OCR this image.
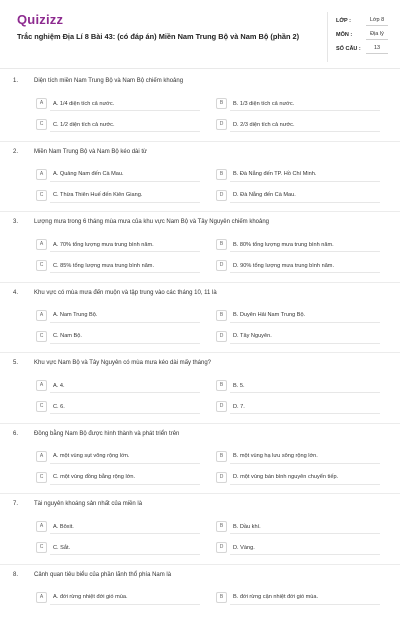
Quizizz
Trắc nghiệm Địa Lí 8 Bài 43: (có đáp án) Miền Nam Trung Bộ và Nam Bộ (phần 2)
LỚP :	Lớp 8
MÔN :	Địa lý
SỐ CÂU :	13
1.	Diện tích miền Nam Trung Bộ và Nam Bộ chiếm khoảng
A A. 1/4 diện tích cả nước.	B B. 1/3 diện tích cả nước.
C C. 1/2 diện tích cả nước.	D D. 2/3 diện tích cả nước.
2.	Miền Nam Trung Bộ và Nam Bộ kéo dài từ
A A. Quảng Nam đến Cà Mau.	B B. Đà Nẵng đến TP. Hồ Chí Minh.
C C. Thừa Thiên Huế đến Kiên Giang.	D D. Đà Nẵng đến Cà Mau.
3.	Lượng mưa trong 6 tháng mùa mưa của khu vực Nam Bộ và Tây Nguyên chiếm khoảng
A A. 70% tổng lượng mưa trung bình năm.	B B. 80% tổng lượng mưa trung bình năm.
C C. 85% tổng lượng mưa trung bình năm.	D D. 90% tổng lượng mưa trung bình năm.
4.	Khu vực có mùa mưa đến muộn và tập trung vào các tháng 10, 11 là
A A. Nam Trung Bộ.	B B. Duyên Hải Nam Trung Bộ.
C C. Nam Bộ.	D D. Tây Nguyên.
5.	Khu vực Nam Bộ và Tây Nguyên có mùa mưa kéo dài mấy tháng?
A A. 4.	B B. 5.
C C. 6.	D D. 7.
6.	Đồng bằng Nam Bộ được hình thành và phát triển trên
A A. một vùng sụt võng rộng lớn.	B B. một vùng hạ lưu sông rộng lớn.
C C. một vùng đồng bằng rộng lớn.	D D. một vùng bán bình nguyên chuyển tiếp.
7.	Tài nguyên khoáng sản nhất của miền là
A A. Bôxit.	B B. Dầu khí.
C C. Sắt.	D D. Vàng.
8.	Cảnh quan tiêu biểu của phần lãnh thổ phía Nam là
A A. đới rừng nhiệt đới gió mùa.	B B. đới rừng cận nhiệt đới gió mùa.
